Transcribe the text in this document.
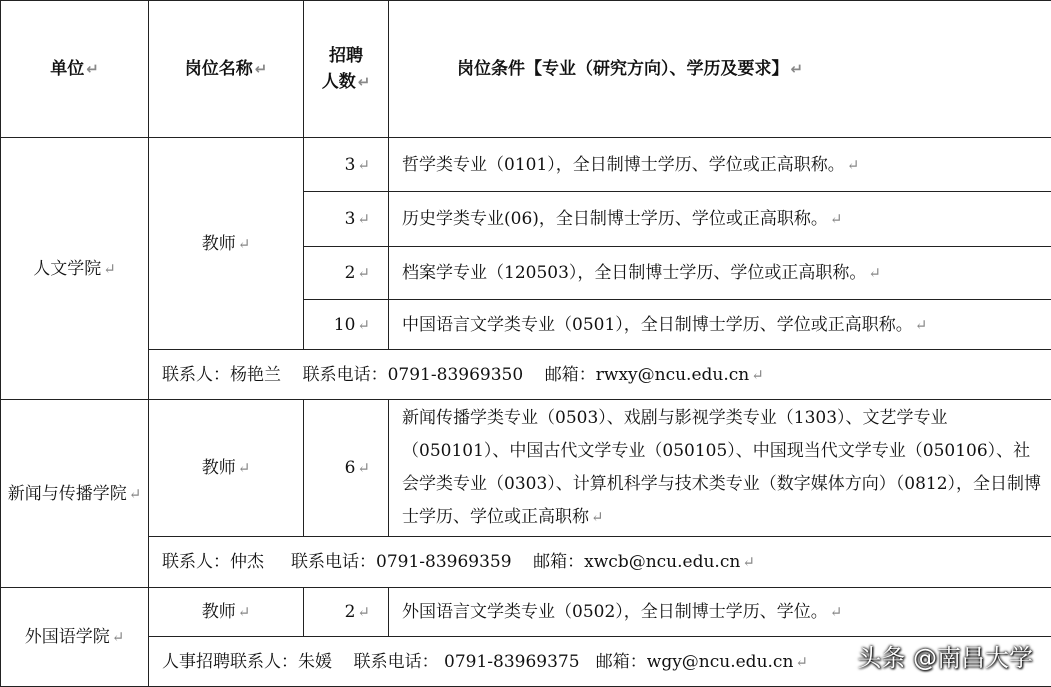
单位 ↵	岗位名称 ↵	招聘
人数 ↵	岗位条件【专业（研究方向）、学历及要求】 ↵
人文学院 ↵	教师 ↵	3 ↵	哲学类专业（0101），全日制博士学历、学位或正高职称。 ↵
		3 ↵	历史学类专业(06)，全日制博士学历、学位或正高职称。 ↵
		2 ↵	档案学专业（120503），全日制博士学历、学位或正高职称。 ↵
		10 ↵	中国语言文学类专业（0501），全日制博士学历、学位或正高职称。 ↵
	联系人：杨艳兰    联系电话：0791-83969350    邮箱：rwxy@ncu.edu.cn ↵		
新闻与传播学院 ↵	教师 ↵	6 ↵	新闻传播学类专业（0503）、戏剧与影视学类专业（1303）、文艺学专业（050101）、中国古代文学专业（050105）、中国现当代文学专业（050106）、社会学类专业（0303）、计算机科学与技术类专业（数字媒体方向）（0812），全日制博士学历、学位或正高职称 ↵
	联系人：仲杰     联系电话：0791-83969359    邮箱：xwcb@ncu.edu.cn ↵		
外国语学院 ↵	教师 ↵	2 ↵	外国语言文学类专业（0502），全日制博士学历、学位。 ↵
	人事招聘联系人：朱媛    联系电话： 0791-83969375   邮箱：wgy@ncu.edu.cn ↵		头条 @南昌大学
